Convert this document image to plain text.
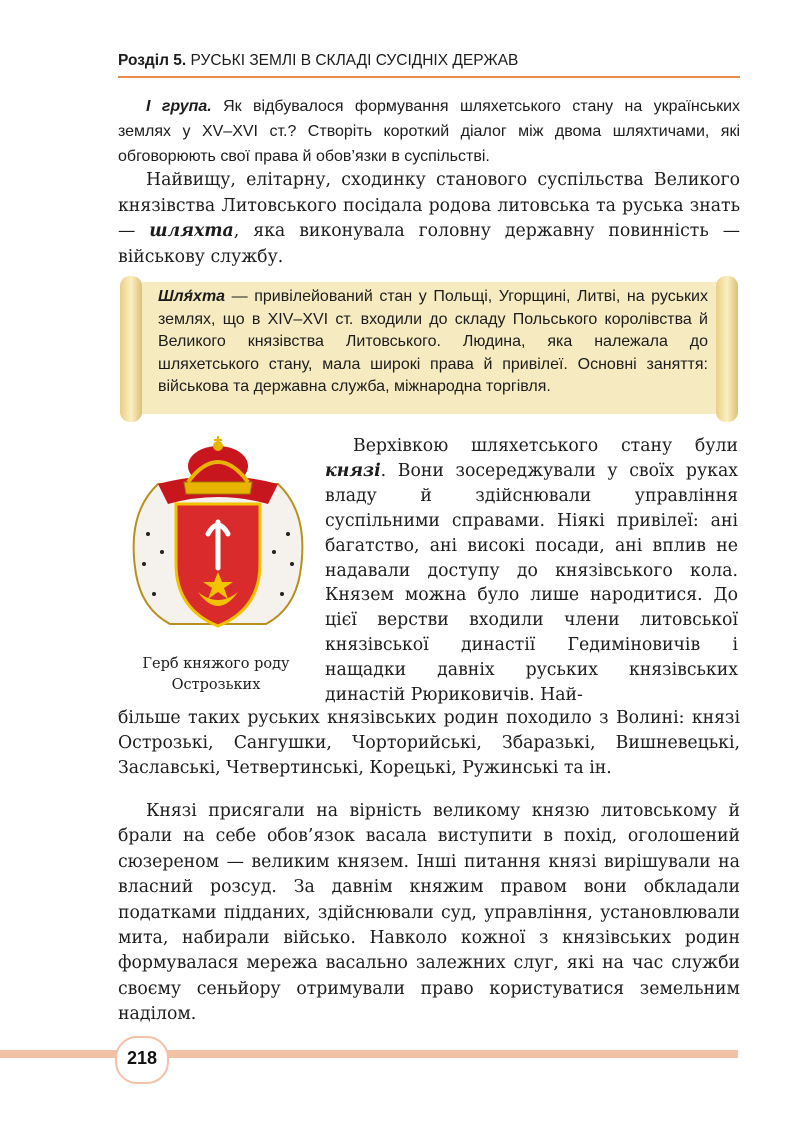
Розділ 5. РУСЬКІ ЗЕМЛІ В СКЛАДІ СУСІДНІХ ДЕРЖАВ
I група. Як відбувалося формування шляхетського стану на українських землях у XV–XVI ст.? Створіть короткий діалог між двома шляхтичами, які обговорюють свої права й обов’язки в суспільстві.
Найвищу, елітарну, сходинку станового суспільства Великого князівства Литовського посідала родова литовська та руська знать — шляхта, яка виконувала головну державну повинність — військову службу.
Шля́хта — привілейований стан у Польщі, Угорщині, Литві, на руських землях, що в XIV–XVI ст. входили до складу Польського королівства й Великого князівства Литовського. Людина, яка належала до шляхетського стану, мала широкі права й привілеї. Основні заняття: військова та державна служба, міжнародна торгівля.
Герб княжого роду
Острозьких
Верхівкою шляхетського стану були князі. Вони зосереджували у своїх руках владу й здійснювали управління суспільними справами. Ніякі привілеї: ані багатство, ані високі посади, ані вплив не надавали доступу до князівського кола. Князем можна було лише народитися. До цієї верстви входили члени литовської князівської династії Гедиміновичів і нащадки давніх руських князівських династій Рюриковичів. Най-
більше таких руських князівських родин походило з Волині: князі Острозькі, Сангушки, Чорторийські, Збаразькі, Вишневецькі, Заславські, Четвертинські, Корецькі, Ружинські та ін.
Князі присягали на вірність великому князю литовському й брали на себе обов’язок васала виступити в похід, оголошений сюзереном — великим князем. Інші питання князі вирішували на власний розсуд. За давнім княжим правом вони обкладали податками підданих, здійснювали суд, управління, установлювали мита, набирали військо. Навколо кожної з князівських родин формувалася мережа васально залежних слуг, які на час служби своєму сеньйору отримували право користуватися земельним наділом.
218
